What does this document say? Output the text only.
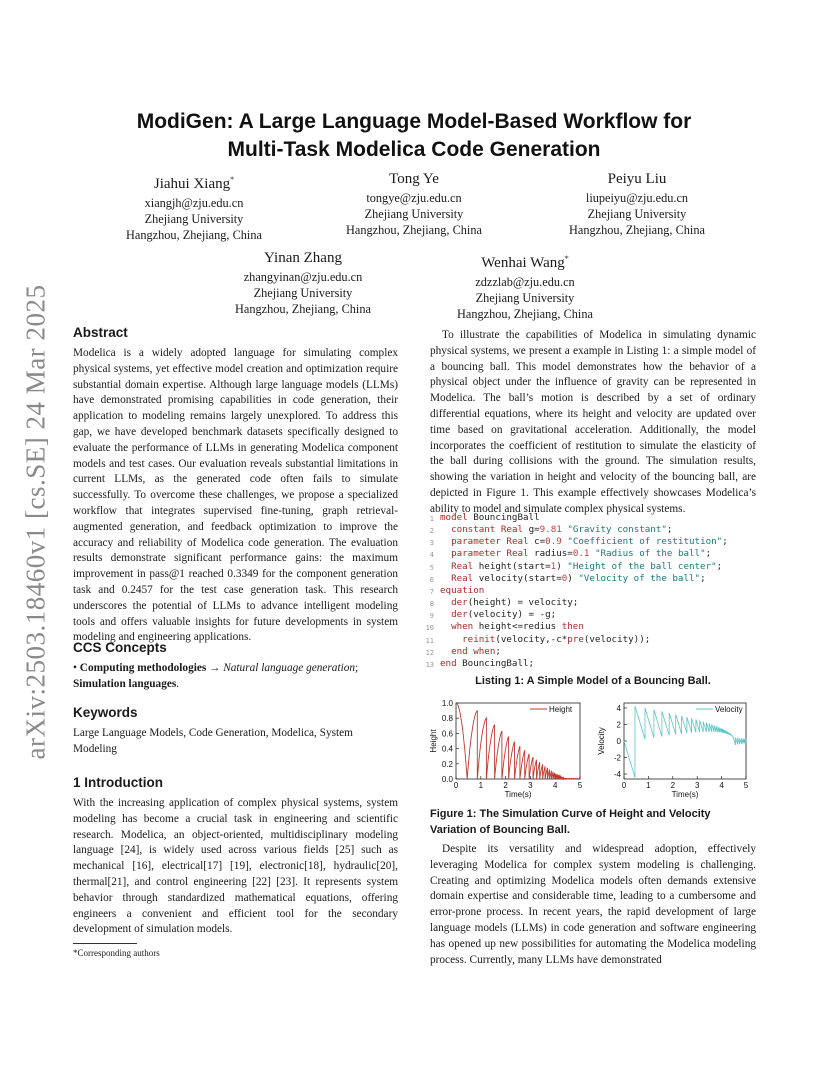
arXiv:2503.18460v1 [cs.SE] 24 Mar 2025
ModiGen: A Large Language Model-Based Workflow for
Multi-Task Modelica Code Generation
Jiahui Xiang*
xiangjh@zju.edu.cn
Zhejiang University
Hangzhou, Zhejiang, China
Tong Ye
tongye@zju.edu.cn
Zhejiang University
Hangzhou, Zhejiang, China
Peiyu Liu
liupeiyu@zju.edu.cn
Zhejiang University
Hangzhou, Zhejiang, China
Yinan Zhang
zhangyinan@zju.edu.cn
Zhejiang University
Hangzhou, Zhejiang, China
Wenhai Wang*
zdzzlab@zju.edu.cn
Zhejiang University
Hangzhou, Zhejiang, China
Abstract

Modelica is a widely adopted language for simulating complex physical systems, yet effective model creation and optimization require substantial domain expertise. Although large language models (LLMs) have demonstrated promising capabilities in code generation, their application to modeling remains largely unexplored. To address this gap, we have developed benchmark datasets specifically designed to evaluate the performance of LLMs in generating Modelica component models and test cases. Our evaluation reveals substantial limitations in current LLMs, as the generated code often fails to simulate successfully. To overcome these challenges, we propose a specialized workflow that integrates supervised fine-tuning, graph retrieval-augmented generation, and feedback optimization to improve the accuracy and reliability of Modelica code generation. The evaluation results demonstrate significant performance gains: the maximum improvement in pass@1 reached 0.3349 for the component generation task and 0.2457 for the test case generation task. This research underscores the potential of LLMs to advance intelligent modeling tools and offers valuable insights for future developments in system modeling and engineering applications.

CCS Concepts
• Computing methodologies → Natural language generation; Simulation languages.
Keywords
Large Language Models, Code Generation, Modelica, System Modeling
1 Introduction

With the increasing application of complex physical systems, system modeling has become a crucial task in engineering and scientific research. Modelica, an object-oriented, multidisciplinary modeling language [24], is widely used across various fields [25] such as mechanical [16], electrical[17] [19], electronic[18], hydraulic[20], thermal[21], and control engineering [22] [23]. It represents system behavior through standardized mathematical equations, offering engineers a convenient and efficient tool for the secondary development of simulation models.

*Corresponding authors

To illustrate the capabilities of Modelica in simulating dynamic physical systems, we present a example in Listing 1: a simple model of a bouncing ball. This model demonstrates how the behavior of a physical object under the influence of gravity can be represented in Modelica. The ball’s motion is described by a set of ordinary differential equations, where its height and velocity are updated over time based on gravitational acceleration. Additionally, the model incorporates the coefficient of restitution to simulate the elasticity of the ball during collisions with the ground. The simulation results, showing the variation in height and velocity of the bouncing ball, are depicted in Figure 1. This example effectively showcases Modelica’s ability to model and simulate complex physical systems.

1 model BouncingBall
2	constant Real g=9.81 "Gravity constant";
3	parameter Real c=0.9 "Coefficient of restitution";
4	parameter Real radius=0.1 "Radius of the ball";
5	Real height(start=1) "Height of the ball center";
6	Real velocity(start=0) "Velocity of the ball";
7 equation
8	der(height) = velocity;
9	der(velocity) = -g;
10	when height<=redius then
11	reinit(velocity,-c*pre(velocity));
12	end when;
13 end BouncingBall;
Listing 1: A Simple Model of a Bouncing Ball.
0	1	2	3	4	5
0.0
0.2
0.4
0.6
0.8
1.0
Time(s)
Height
Height
0 1 2 3 4 5
-4
-2
0
2
4
Time(s)
Velocity
Velocity
Figure 1: The Simulation Curve of Height and Velocity Variation of Bouncing Ball.

Despite its versatility and widespread adoption, effectively leveraging Modelica for complex system modeling is challenging. Creating and optimizing Modelica models often demands extensive domain expertise and considerable time, leading to a cumbersome and error-prone process. In recent years, the rapid development of large language models (LLMs) in code generation and software engineering has opened up new possibilities for automating the Modelica modeling process. Currently, many LLMs have demonstrated
